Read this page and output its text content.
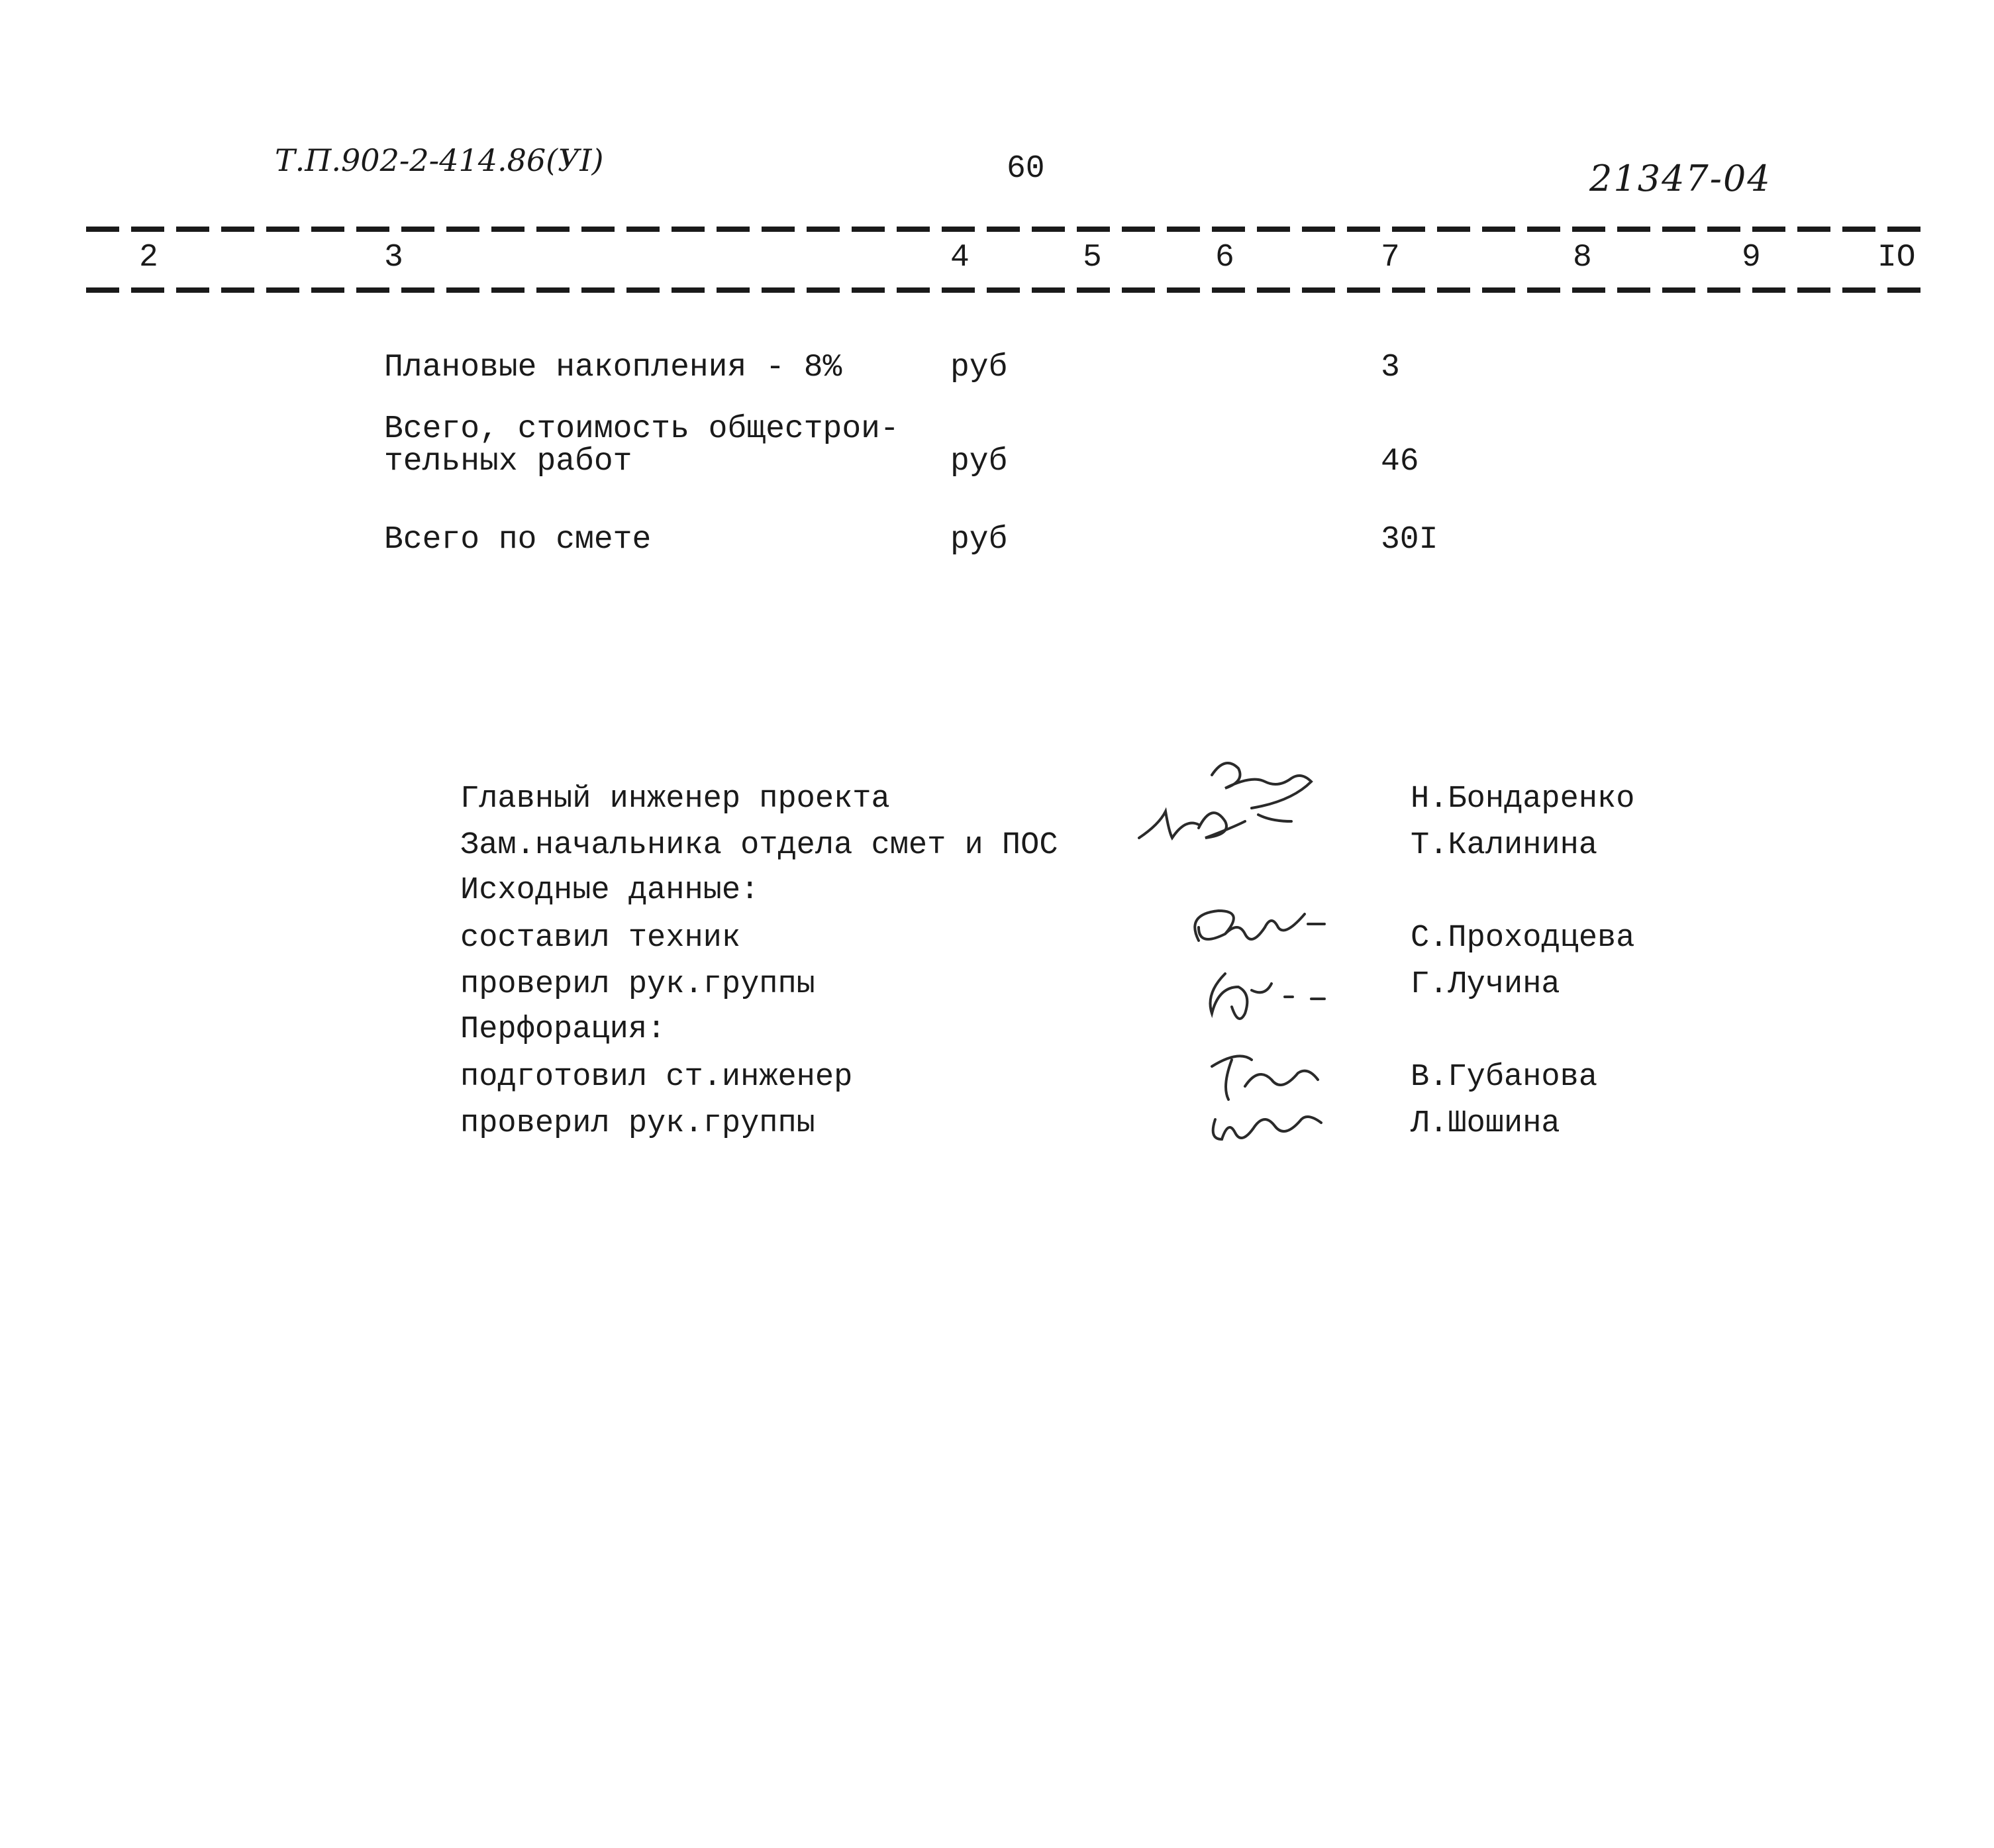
Т.П.902-2-414.86(УI)	60	21347-04
2	3	4	5	6	7	8	9	IO
Плановые накопления - 8%	руб	3
Всего, стоимость общестрои-
тельных работ	руб	46
Всего по смете	руб	30I
Главный инженер проекта	Н.Бондаренко
Зам.начальника отдела смет и ПОС	Т.Калинина
Исходные данные:
составил техник	С.Проходцева
проверил рук.группы	Г.Лучина
Перфорация:
подготовил ст.инженер	В.Губанова
проверил рук.группы	Л.Шошина
